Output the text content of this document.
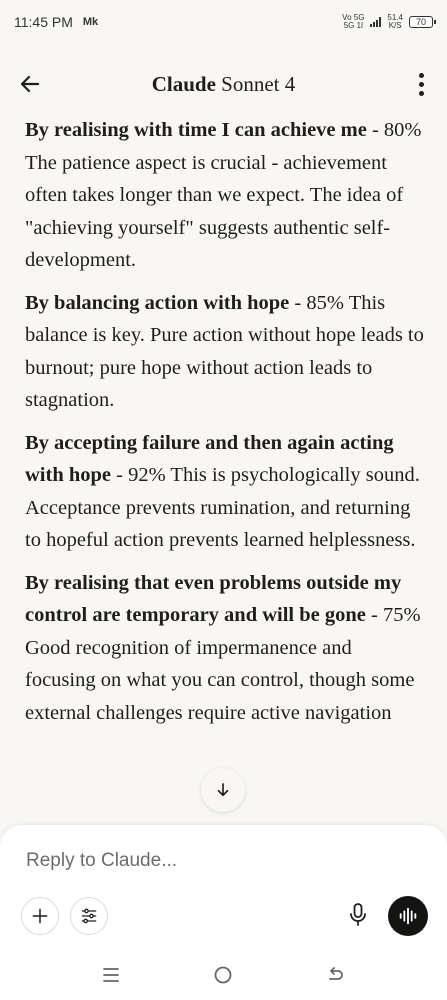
11:45 PM Mk	Vo 5G
5G 1l
51.4
K/S 70
Claude Sonnet 4

By realising with time I can achieve me - 80% The patience aspect is crucial - achievement often takes longer than we expect. The idea of "achieving yourself" suggests authentic self-development.

By balancing action with hope - 85% This balance is key. Pure action without hope leads to burnout; pure hope without action leads to stagnation.

By accepting failure and then again acting with hope - 92% This is psychologically sound. Acceptance prevents rumination, and returning to hopeful action prevents learned helplessness.

By realising that even problems outside my control are temporary and will be gone - 75% Good recognition of impermanence and focusing on what you can control, though some external challenges require active navigation

Reply to Claude...
